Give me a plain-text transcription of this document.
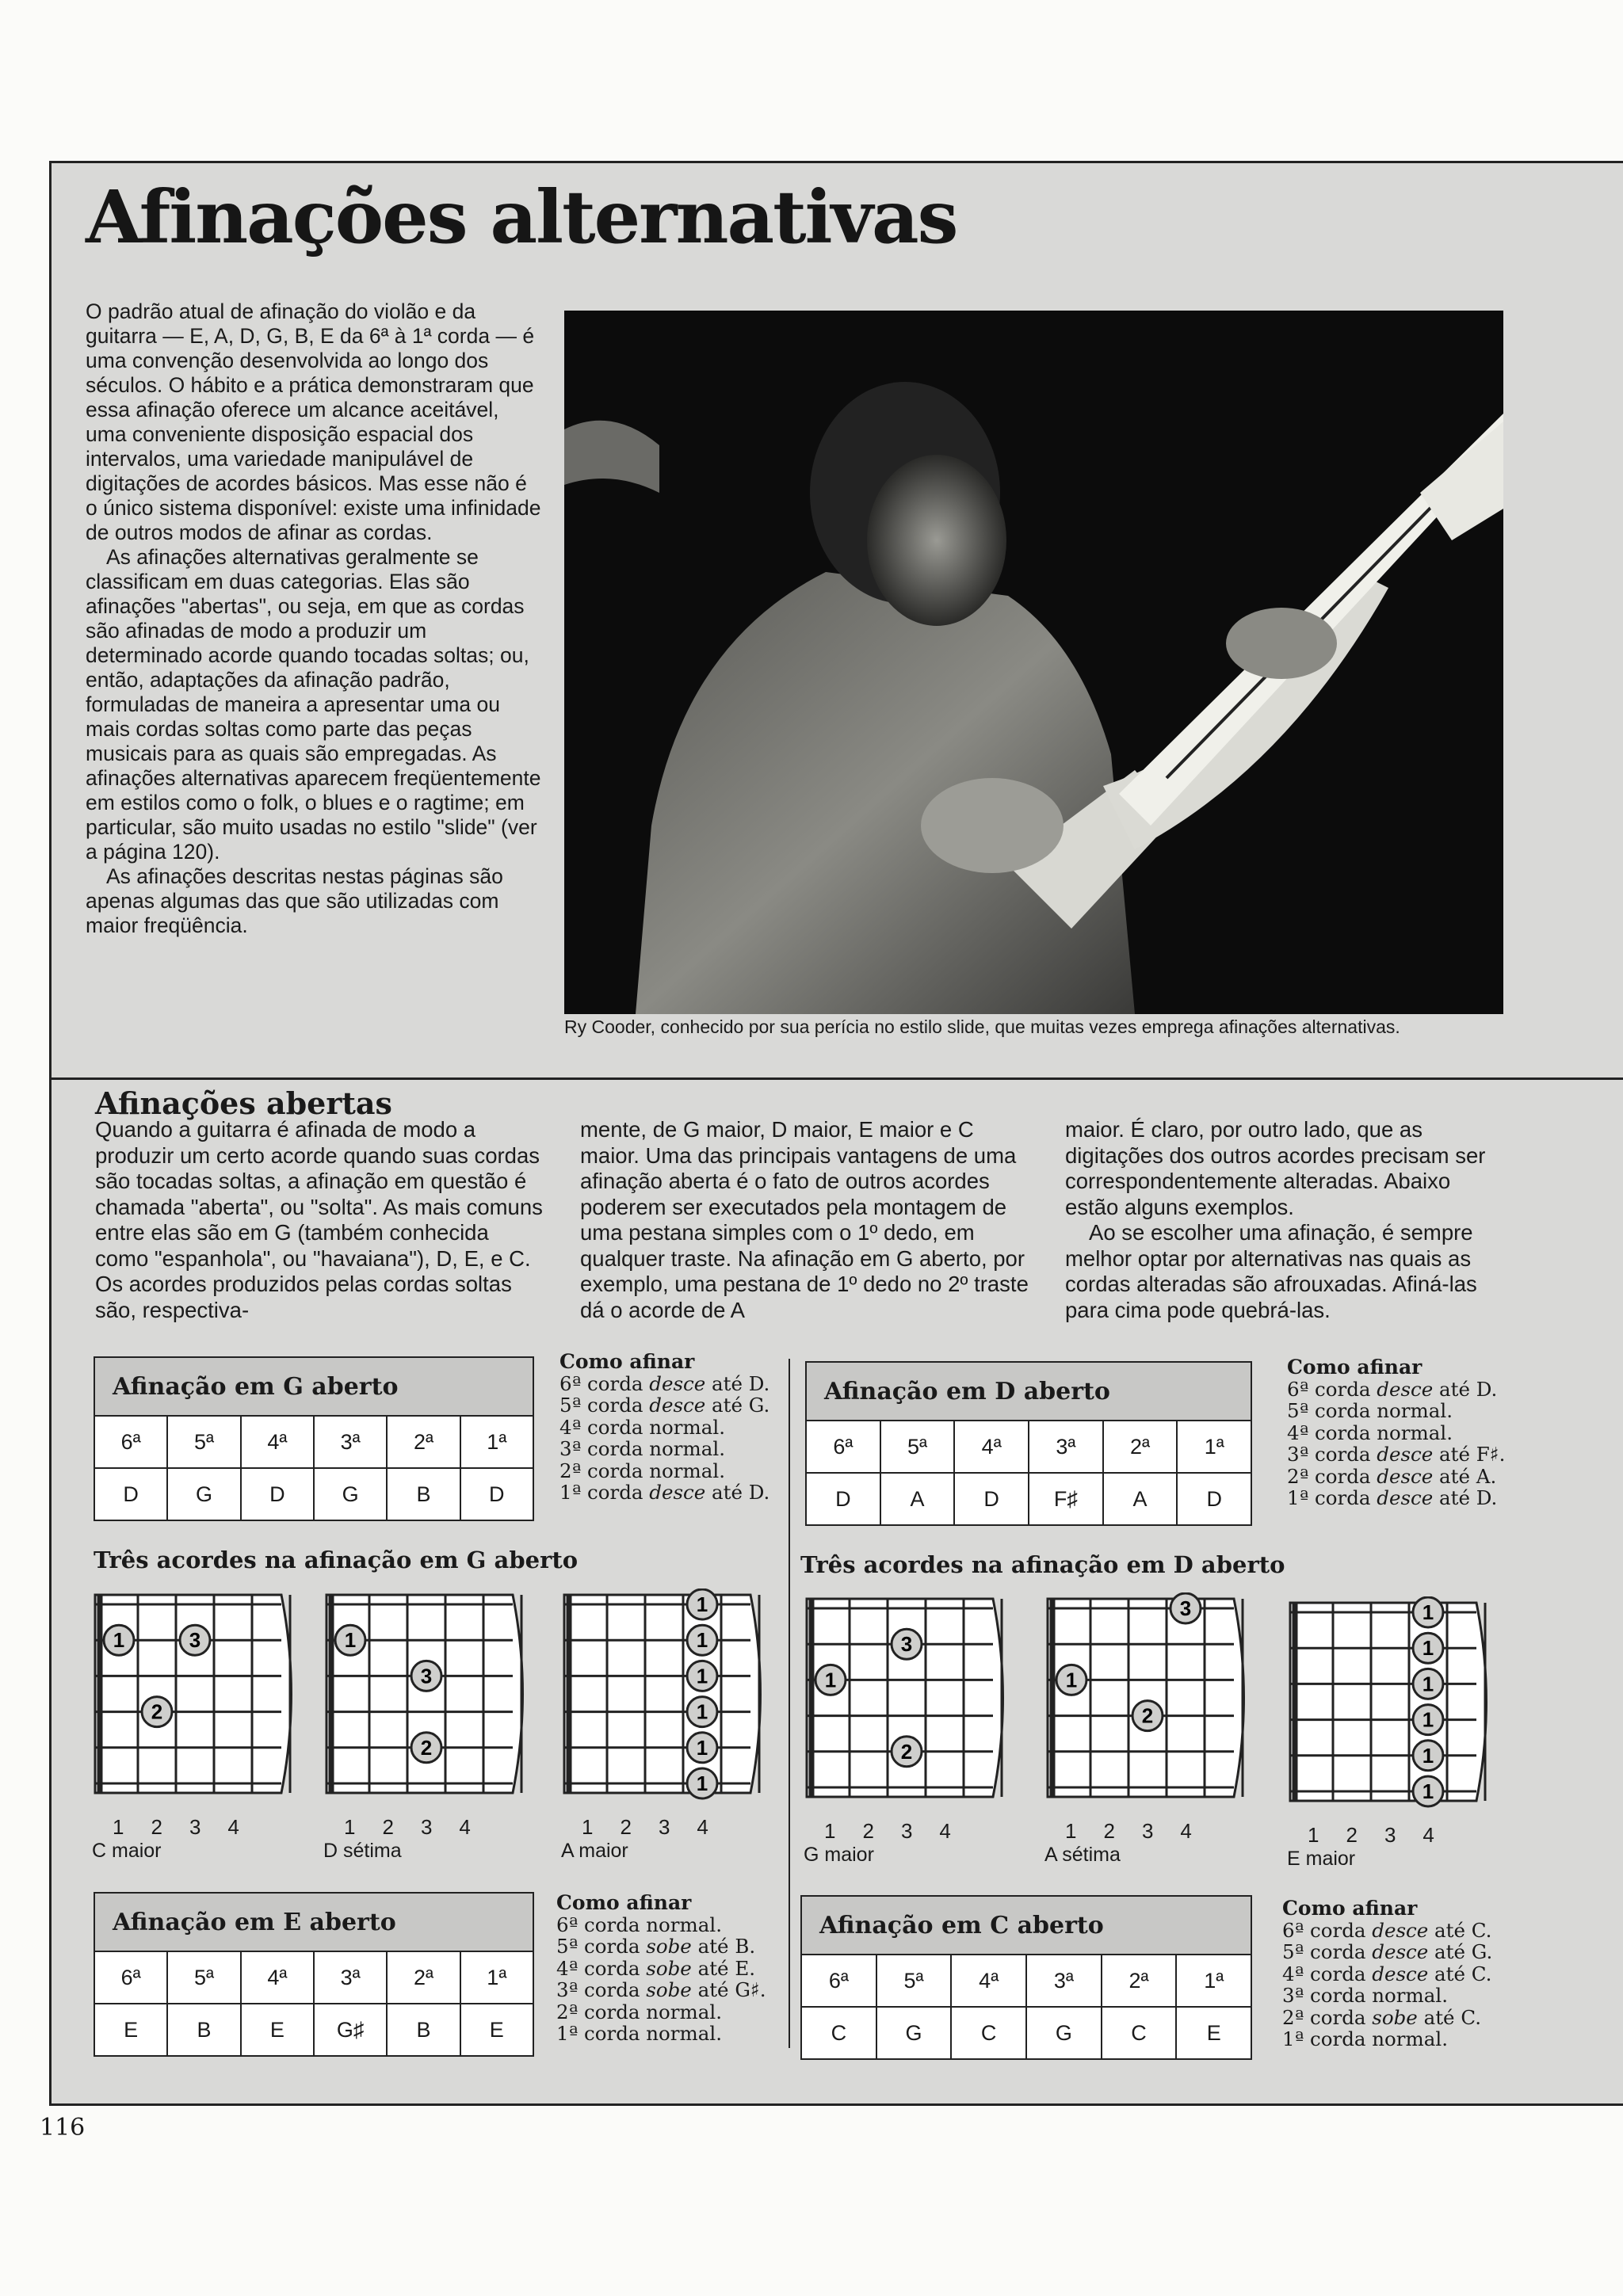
Afinações alternativas

O padrão atual de afinação do violão e da guitarra — E, A, D, G, B, E da 6ª à 1ª corda — é uma convenção desenvolvida ao longo dos séculos. O hábito e a prática demonstraram que essa afinação oferece um alcance aceitável, uma conveniente disposição espacial dos intervalos, uma variedade manipulável de digitações de acordes básicos. Mas esse não é o único sistema disponível: existe uma infinidade de outros modos de afinar as cordas.

As afinações alternativas geralmente se classificam em duas categorias. Elas são afinações "abertas", ou seja, em que as cordas são afinadas de modo a produzir um determinado acorde quando tocadas soltas; ou, então, adaptações da afinação padrão, formuladas de maneira a apresentar uma ou mais cordas soltas como parte das peças musicais para as quais são empregadas. As afinações alternativas aparecem freqüentemente em estilos como o folk, o blues e o ragtime; em particular, são muito usadas no estilo "slide" (ver a página 120).

As afinações descritas nestas páginas são apenas algumas das que são utilizadas com maior freqüência.

Ry Cooder, conhecido por sua perícia no estilo slide, que muitas vezes emprega afinações alternativas.
Afinações abertas

Quando a guitarra é afinada de modo a produzir um certo acorde quando suas cordas são tocadas soltas, a afinação em questão é chamada "aberta", ou "solta". As mais comuns entre elas são em G (também conhecida como "espanhola", ou "havaiana"), D, E, e C. Os acordes produzidos pelas cordas soltas são, respectiva-

mente, de G maior, D maior, E maior e C maior. Uma das principais vantagens de uma afinação aberta é o fato de outros acordes poderem ser executados pela montagem de uma pestana simples com o 1º dedo, em qualquer traste. Na afinação em G aberto, por exemplo, uma pestana de 1º dedo no 2º traste dá o acorde de A

maior. É claro, por outro lado, que as digitações dos outros acordes precisam ser correspondentemente alteradas. Abaixo estão alguns exemplos.

Ao se escolher uma afinação, é sempre melhor optar por alternativas nas quais as cordas alteradas são afrouxadas. Afiná-las para cima pode quebrá-las.

Afinação em G aberto
6ª	5ª	4ª	3ª	2ª	1ª
D	G	D	G	B	D
Como afinar
6ª corda desce até D.
5ª corda desce até G.
4ª corda normal.
3ª corda normal.
2ª corda normal.
1ª corda desce até D.
Afinação em D aberto
6ª	5ª	4ª	3ª	2ª	1ª
D	A	D	F♯	A	D
Como afinar
6ª corda desce até D.
5ª corda normal.
4ª corda normal.
3ª corda desce até F♯.
2ª corda desce até A.
1ª corda desce até D.
Afinação em E aberto
6ª	5ª	4ª	3ª	2ª	1ª
E	B	E	G♯	B	E
Como afinar
6ª corda normal.
5ª corda sobe até B.
4ª corda sobe até E.
3ª corda sobe até G♯.
2ª corda normal.
1ª corda normal.
Afinação em C aberto
6ª	5ª	4ª	3ª	2ª	1ª
C	G	C	G	C	E
Como afinar
6ª corda desce até C.
5ª corda desce até G.
4ª corda desce até C.
3ª corda normal.
2ª corda sobe até C.
1ª corda normal.
Três acordes na afinação em G aberto	Três acordes na afinação em D aberto
1	3
2
1 2 3 4
C maior
1
3
2
1 2 3 4
D sétima
1
1
1
1
1
1
1 2 3 4
A maior
1
3
2
1 2 3 4
G maior
1
3
2
1 2 3 4
A sétima
1
1
1
1
1
1
1 2 3 4
E maior
116
